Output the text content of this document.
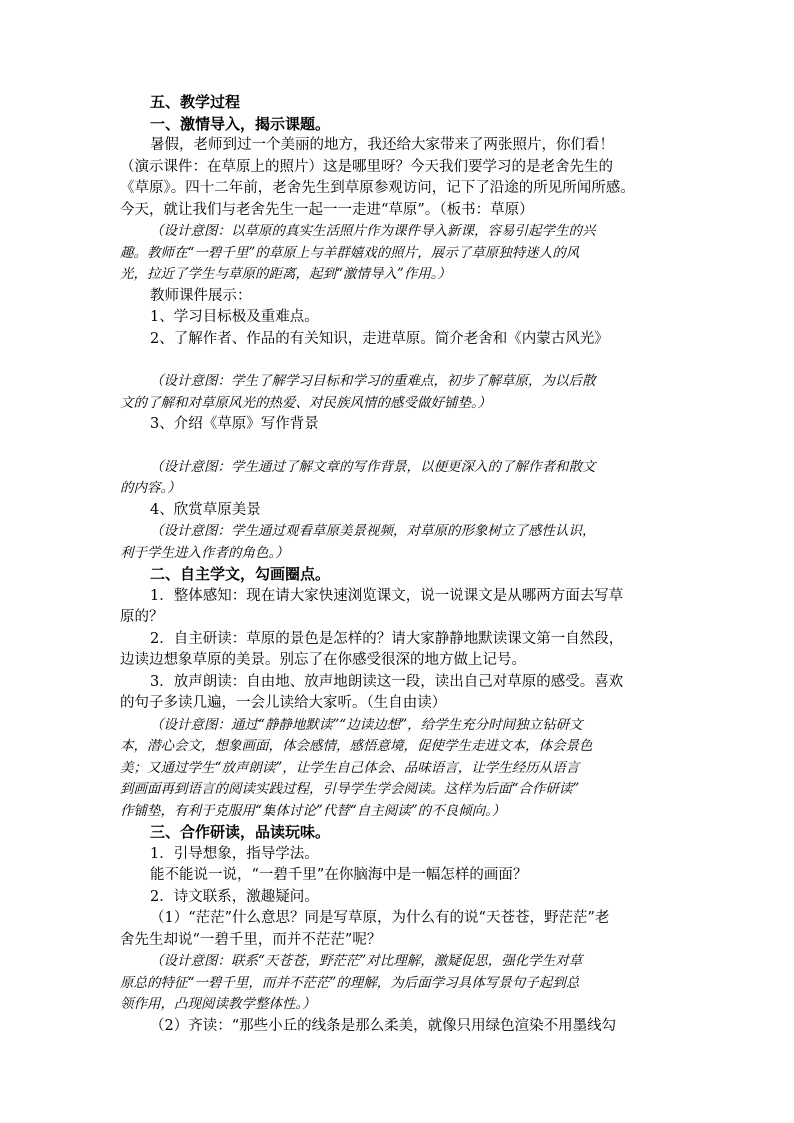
五、教学过程
一、激情导入，揭示课题。
暑假，老师到过一个美丽的地方，我还给大家带来了两张照片，你们看！
（演示课件：在草原上的照片）这是哪里呀？今天我们要学习的是老舍先生的
《草原》。四十二年前，老舍先生到草原参观访问，记下了沿途的所见所闻所感。
今天，就让我们与老舍先生一起一一走进“草原”。（板书：草原）
（设计意图：以草原的真实生活照片作为课件导入新课，容易引起学生的兴
趣。教师在“一碧千里”的草原上与羊群嬉戏的照片，展示了草原独特迷人的风
光，拉近了学生与草原的距离，起到“激情导入”作用。）
教师课件展示：
1、学习目标极及重难点。
2、了解作者、作品的有关知识，走进草原。简介老舍和《内蒙古风光》
（设计意图：学生了解学习目标和学习的重难点，初步了解草原，为以后散
文的了解和对草原风光的热爱、对民族风情的感受做好铺垫。）
3、介绍《草原》写作背景
（设计意图：学生通过了解文章的写作背景，以便更深入的了解作者和散文
的内容。）
4、欣赏草原美景
（设计意图：学生通过观看草原美景视频，对草原的形象树立了感性认识，
利于学生进入作者的角色。）
二、自主学文，勾画圈点。
1．整体感知：现在请大家快速浏览课文，说一说课文是从哪两方面去写草
原的？
2．自主研读：草原的景色是怎样的？请大家静静地默读课文第一自然段，
边读边想象草原的美景。别忘了在你感受很深的地方做上记号。
3．放声朗读：自由地、放声地朗读这一段，读出自己对草原的感受。喜欢
的句子多读几遍，一会儿读给大家听。（生自由读）
（设计意图：通过“静静地默读”“边读边想”，给学生充分时间独立钻研文
本，潜心会文，想象画面，体会感情，感悟意境，促使学生走进文本，体会景色
美；又通过学生“放声朗读”，让学生自己体会、品味语言，让学生经历从语言
到画面再到语言的阅读实践过程，引导学生学会阅读。这样为后面“合作研读”
作铺垫，有利于克服用“集体讨论”代替“自主阅读”的不良倾向。）
三、合作研读，品读玩味。
1．引导想象，指导学法。
能不能说一说，“一碧千里”在你脑海中是一幅怎样的画面？
2．诗文联系，激趣疑问。
（1）“茫茫”什么意思？同是写草原，为什么有的说“天苍苍，野茫茫”老
舍先生却说“一碧千里，而并不茫茫”呢？
（设计意图：联系“天苍苍，野茫茫”对比理解，激疑促思，强化学生对草
原总的特征“一碧千里，而并不茫茫”的理解，为后面学习具体写景句子起到总
领作用，凸现阅读教学整体性。）
（2）齐读：“那些小丘的线条是那么柔美，就像只用绿色渲染不用墨线勾
